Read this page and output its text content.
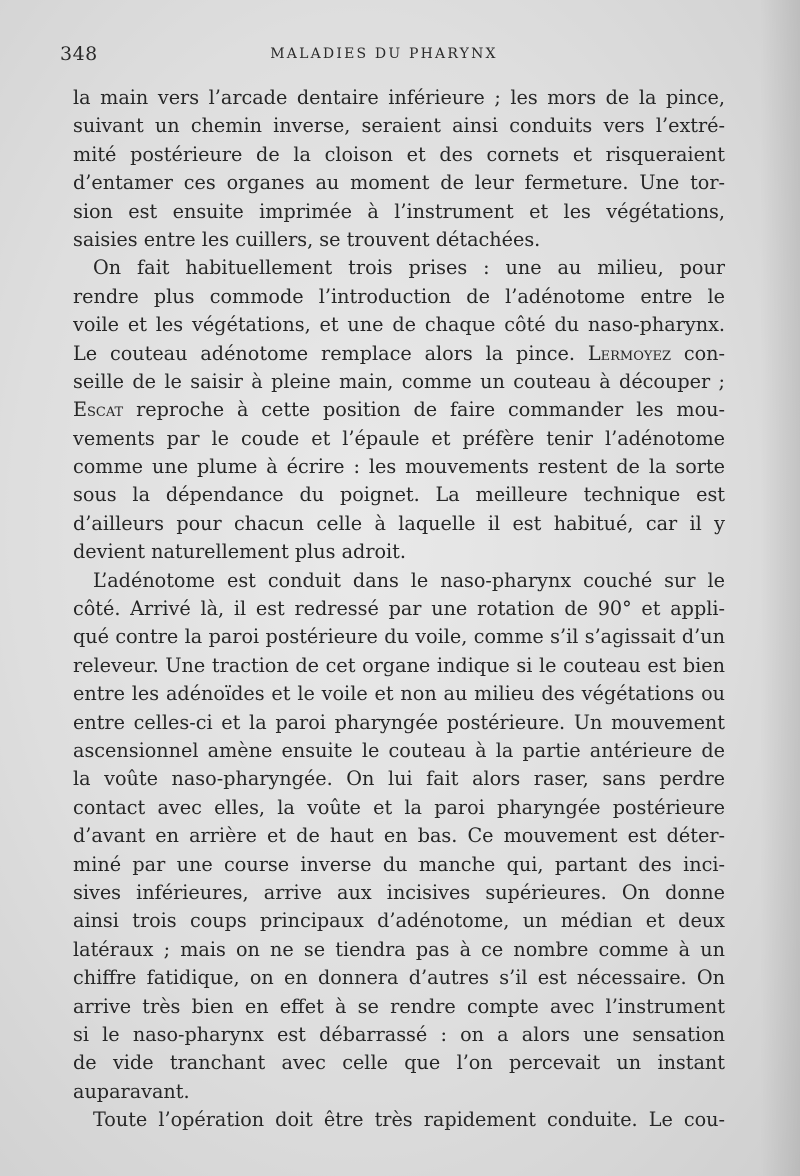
348	MALADIES DU PHARYNX
la main vers l’arcade dentaire inférieure ; les mors de la pince,
suivant un chemin inverse, seraient ainsi conduits vers l’extré-
mité postérieure de la cloison et des cornets et risqueraient
d’entamer ces organes au moment de leur fermeture. Une tor-
sion est ensuite imprimée à l’instrument et les végétations,
saisies entre les cuillers, se trouvent détachées.
On fait habituellement trois prises : une au milieu, pour
rendre plus commode l’introduction de l’adénotome entre le
voile et les végétations, et une de chaque côté du naso-pharynx.
Le couteau adénotome remplace alors la pince. Lermoyez con-
seille de le saisir à pleine main, comme un couteau à découper ;
Escat reproche à cette position de faire commander les mou-
vements par le coude et l’épaule et préfère tenir l’adénotome
comme une plume à écrire : les mouvements restent de la sorte
sous la dépendance du poignet. La meilleure technique est
d’ailleurs pour chacun celle à laquelle il est habitué, car il y
devient naturellement plus adroit.
L’adénotome est conduit dans le naso-pharynx couché sur le
côté. Arrivé là, il est redressé par une rotation de 90° et appli-
qué contre la paroi postérieure du voile, comme s’il s’agissait d’un
releveur. Une traction de cet organe indique si le couteau est bien
entre les adénoïdes et le voile et non au milieu des végétations ou
entre celles-ci et la paroi pharyngée postérieure. Un mouvement
ascensionnel amène ensuite le couteau à la partie antérieure de
la voûte naso-pharyngée. On lui fait alors raser, sans perdre
contact avec elles, la voûte et la paroi pharyngée postérieure
d’avant en arrière et de haut en bas. Ce mouvement est déter-
miné par une course inverse du manche qui, partant des inci-
sives inférieures, arrive aux incisives supérieures. On donne
ainsi trois coups principaux d’adénotome, un médian et deux
latéraux ; mais on ne se tiendra pas à ce nombre comme à un
chiffre fatidique, on en donnera d’autres s’il est nécessaire. On
arrive très bien en effet à se rendre compte avec l’instrument
si le naso-pharynx est débarrassé : on a alors une sensation
de vide tranchant avec celle que l’on percevait un instant
auparavant.
Toute l’opération doit être très rapidement conduite. Le cou-
